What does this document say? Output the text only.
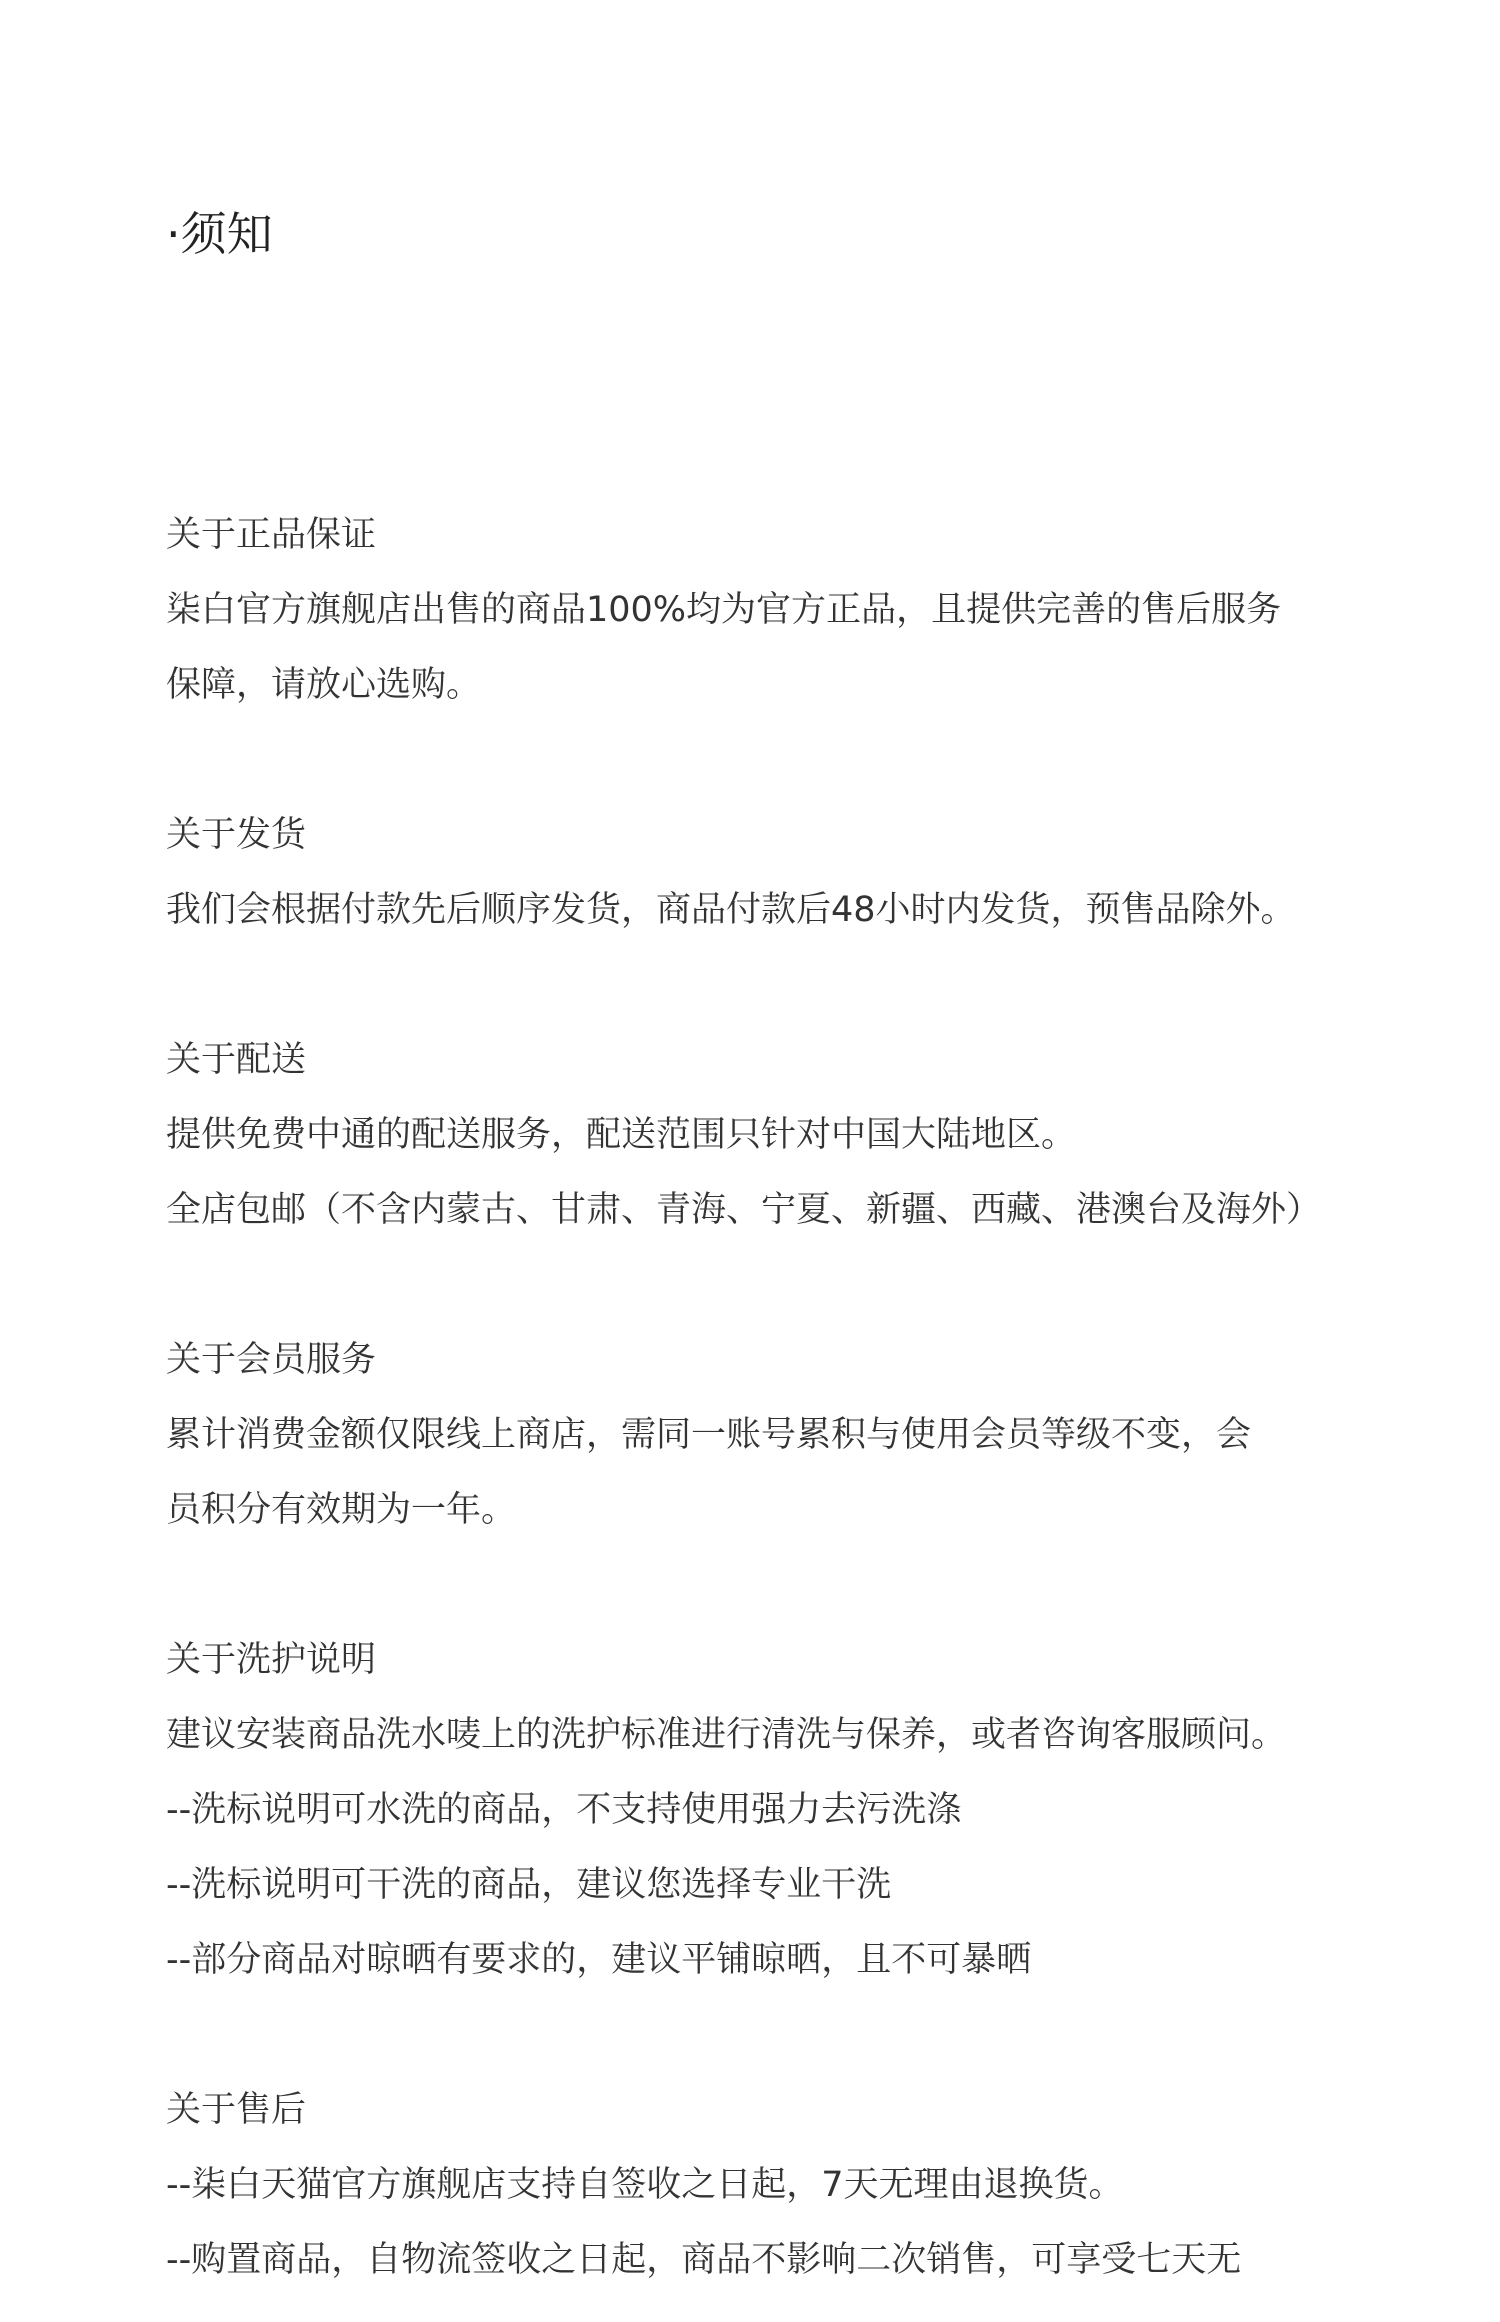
·须知
关于正品保证
柒白官方旗舰店出售的商品100%均为官方正品，且提供完善的售后服务
保障，请放心选购。
关于发货
我们会根据付款先后顺序发货，商品付款后48小时内发货，预售品除外。
关于配送
提供免费中通的配送服务，配送范围只针对中国大陆地区。
全店包邮（不含内蒙古、甘肃、青海、宁夏、新疆、西藏、港澳台及海外）
关于会员服务
累计消费金额仅限线上商店，需同一账号累积与使用会员等级不变，会
员积分有效期为一年。
关于洗护说明
建议安装商品洗水唛上的洗护标准进行清洗与保养，或者咨询客服顾问。
--洗标说明可水洗的商品，不支持使用强力去污洗涤
--洗标说明可干洗的商品，建议您选择专业干洗
--部分商品对晾晒有要求的，建议平铺晾晒，且不可暴晒
关于售后
--柒白天猫官方旗舰店支持自签收之日起，7天无理由退换货。
--购置商品，自物流签收之日起，商品不影响二次销售，可享受七天无
